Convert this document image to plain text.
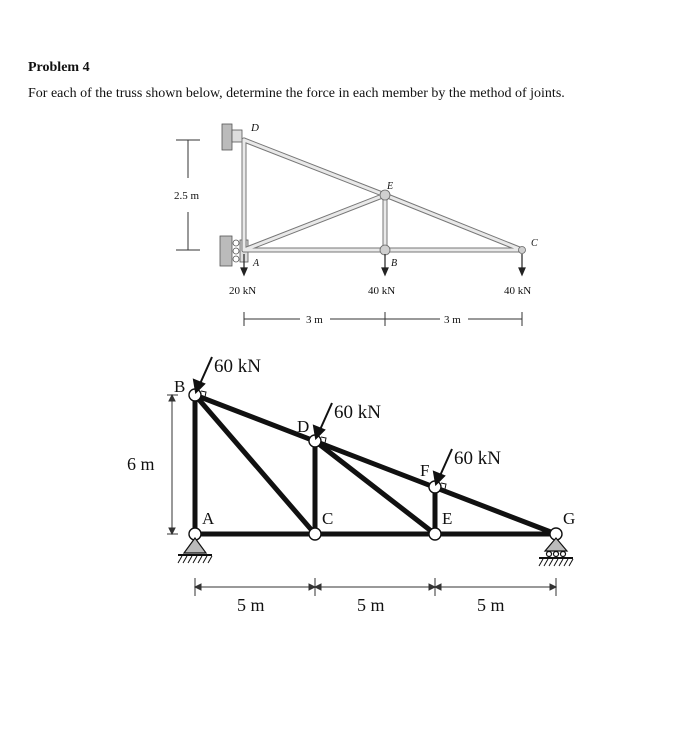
Problem 4
For each of the truss shown below, determine the force in each member by the method of joints.
2.5 m
D
E
A	B
C
20 kN	40 kN	40 kN
3 m	3 m
60 kN
60 kN
60 kN
B
D
F
A	C	E	G
6 m
5 m	5 m	5 m
